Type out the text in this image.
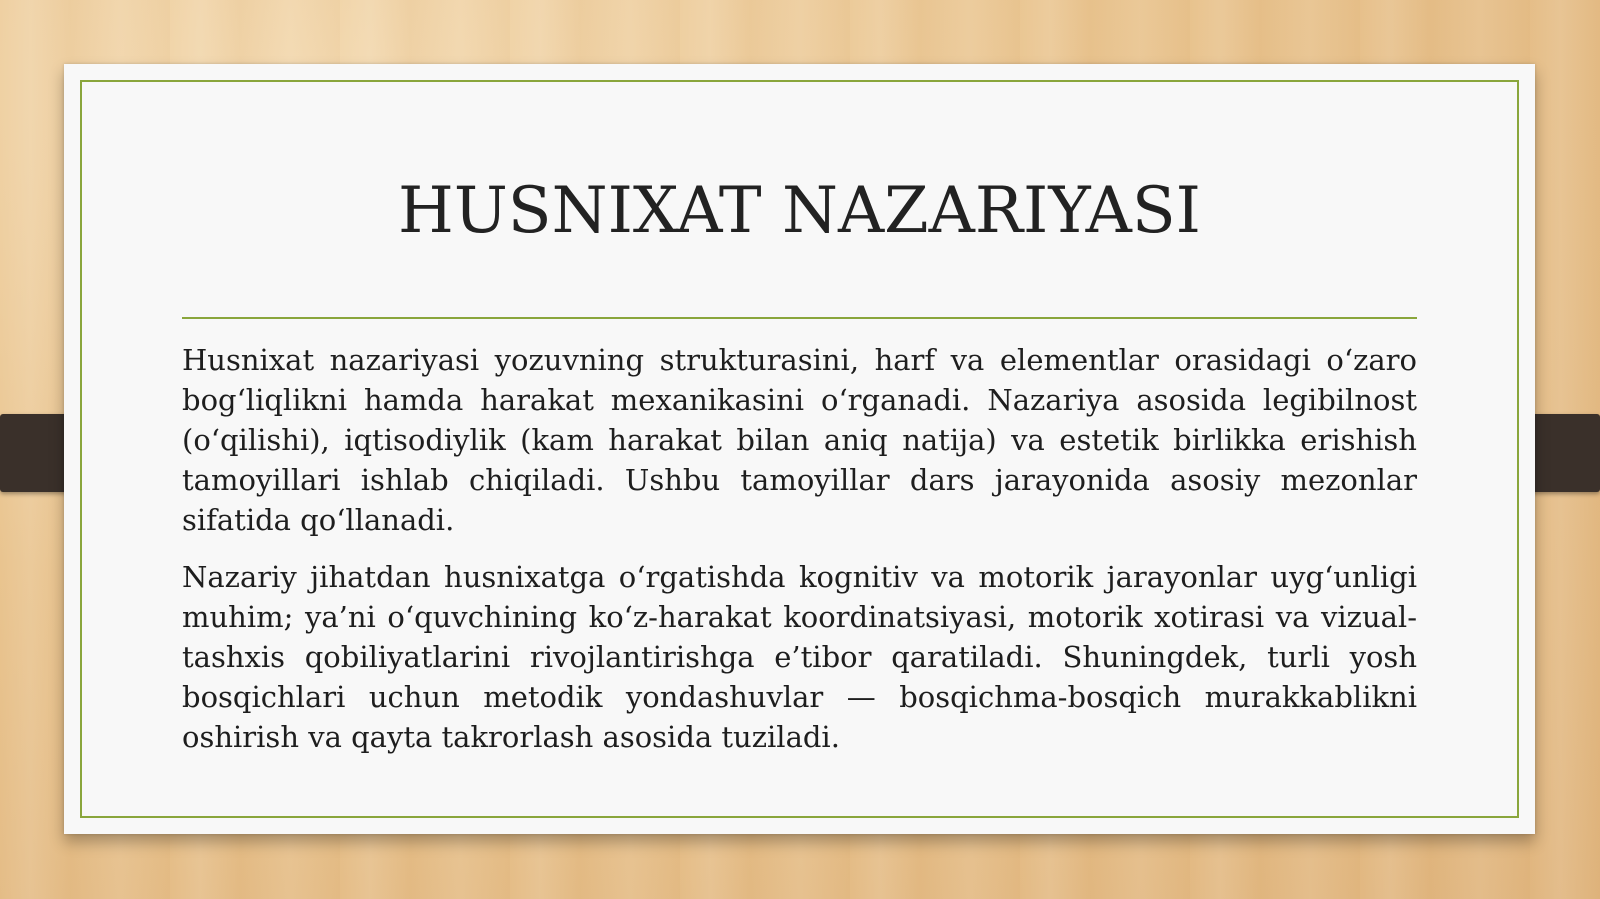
HUSNIXAT NAZARIYASI

Husnixat nazariyasi yozuvning strukturasini, harf va elementlar orasidagi o‘zaro bog‘liqlikni hamda harakat mexanikasini o‘rganadi. Nazariya asosida legibilnost (o‘qilishi), iqtisodiylik (kam harakat bilan aniq natija) va estetik birlikka erishish tamoyillari ishlab chiqiladi. Ushbu tamoyillar dars jarayonida asosiy mezonlar sifatida qo‘llanadi.

Nazariy jihatdan husnixatga o‘rgatishda kognitiv va motorik jarayonlar uyg‘unligi muhim; ya’ni o‘quvchining ko‘z-harakat koordinatsiyasi, motorik xotirasi va vizual-tashxis qobiliyatlarini rivojlantirishga e’tibor qaratiladi. Shuningdek, turli yosh bosqichlari uchun metodik yondashuvlar — bosqichma-bosqich murakkablikni oshirish va qayta takrorlash asosida tuziladi.
